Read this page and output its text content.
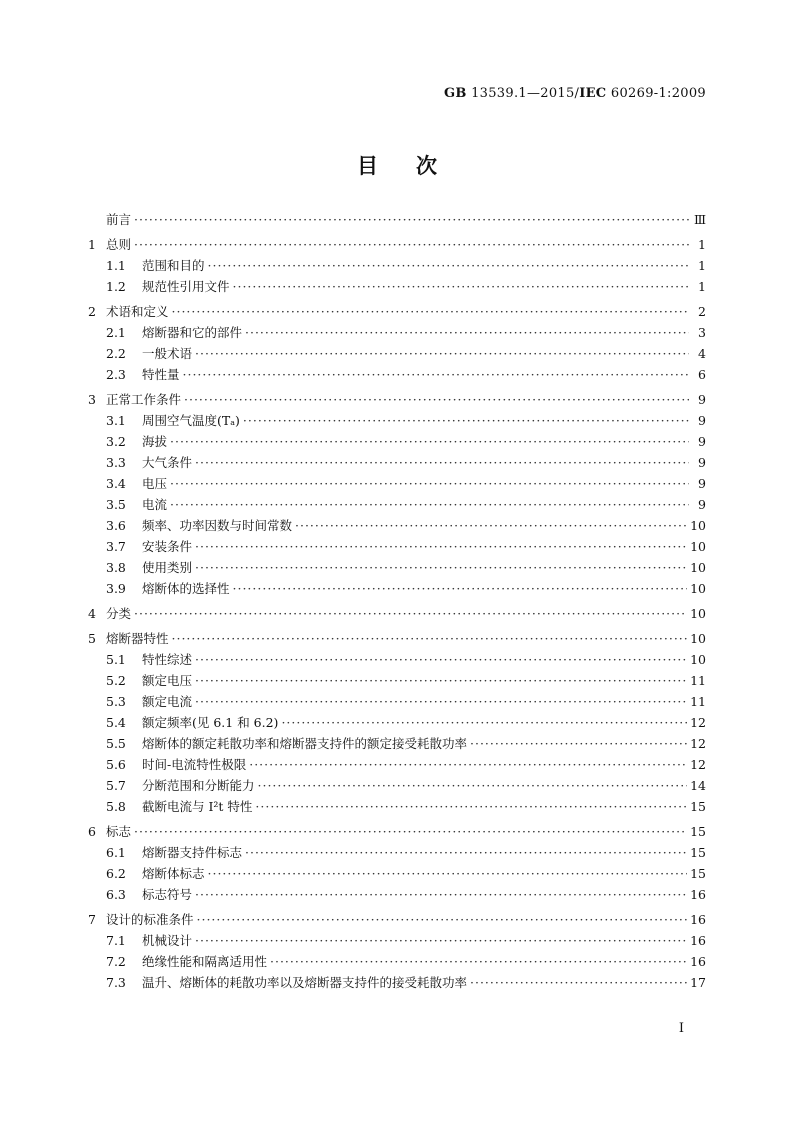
GB 13539.1—2015/IEC 60269-1:2009
目次
前言 ·····	Ⅲ
1 总则 ·····	1
1.1	范围和目的 ·····	1
1.2	规范性引用文件 ·····	1
2 术语和定义 ·····	2
2.1	熔断器和它的部件 ·····	3
2.2	一般术语 ·····	4
2.3	特性量 ·····	6
3 正常工作条件 ·····	9
3.1	周围空气温度(Tₐ) ·····	9
3.2	海拔 ·····	9
3.3	大气条件 ·····	9
3.4	电压 ·····	9
3.5	电流 ·····	9
3.6	频率、功率因数与时间常数 ·····	10
3.7	安装条件 ·····	10
3.8	使用类别 ·····	10
3.9	熔断体的选择性 ·····	10
4 分类 ·····	10
5 熔断器特性 ·····	10
5.1	特性综述 ·····	10
5.2	额定电压 ·····	11
5.3	额定电流 ·····	11
5.4	额定频率(见 6.1 和 6.2) ·····	12
5.5	熔断体的额定耗散功率和熔断器支持件的额定接受耗散功率 ·····	12
5.6	时间-电流特性极限 ·····	12
5.7	分断范围和分断能力 ·····	14
5.8	截断电流与 I²t 特性 ·····	15
6 标志 ·····	15
6.1	熔断器支持件标志 ·····	15
6.2	熔断体标志 ·····	15
6.3	标志符号 ·····	16
7 设计的标准条件 ·····	16
7.1	机械设计 ·····	16
7.2	绝缘性能和隔离适用性 ·····	16
7.3	温升、熔断体的耗散功率以及熔断器支持件的接受耗散功率 ·····	17
I
